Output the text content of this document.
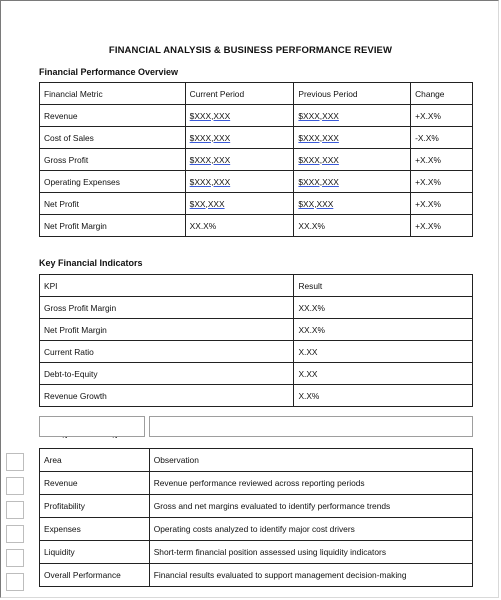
FINANCIAL ANALYSIS & BUSINESS PERFORMANCE REVIEW
Financial Performance Overview
Financial Metric	Current Period	Previous Period	Change
Revenue	$XXX,XXX	$XXX,XXX	+X.X%
Cost of Sales	$XXX,XXX	$XXX,XXX	-X.X%
Gross Profit	$XXX,XXX	$XXX,XXX	+X.X%
Operating Expenses	$XXX,XXX	$XXX,XXX	+X.X%
Net Profit	$XX,XXX	$XX,XXX	+X.X%
Net Profit Margin	XX.X%	XX.X%	+X.X%
Key Financial Indicators
KPI	Result
Gross Profit Margin	XX.X%
Net Profit Margin	XX.X%
Current Ratio	X.XX
Debt-to-Equity	X.XX
Revenue Growth	X.X%
Area	Observation
Revenue	Revenue performance reviewed across reporting periods
Profitability	Gross and net margins evaluated to identify performance trends
Expenses	Operating costs analyzed to identify major cost drivers
Liquidity	Short-term financial position assessed using liquidity indicators
Overall Performance	Financial results evaluated to support management decision-making
